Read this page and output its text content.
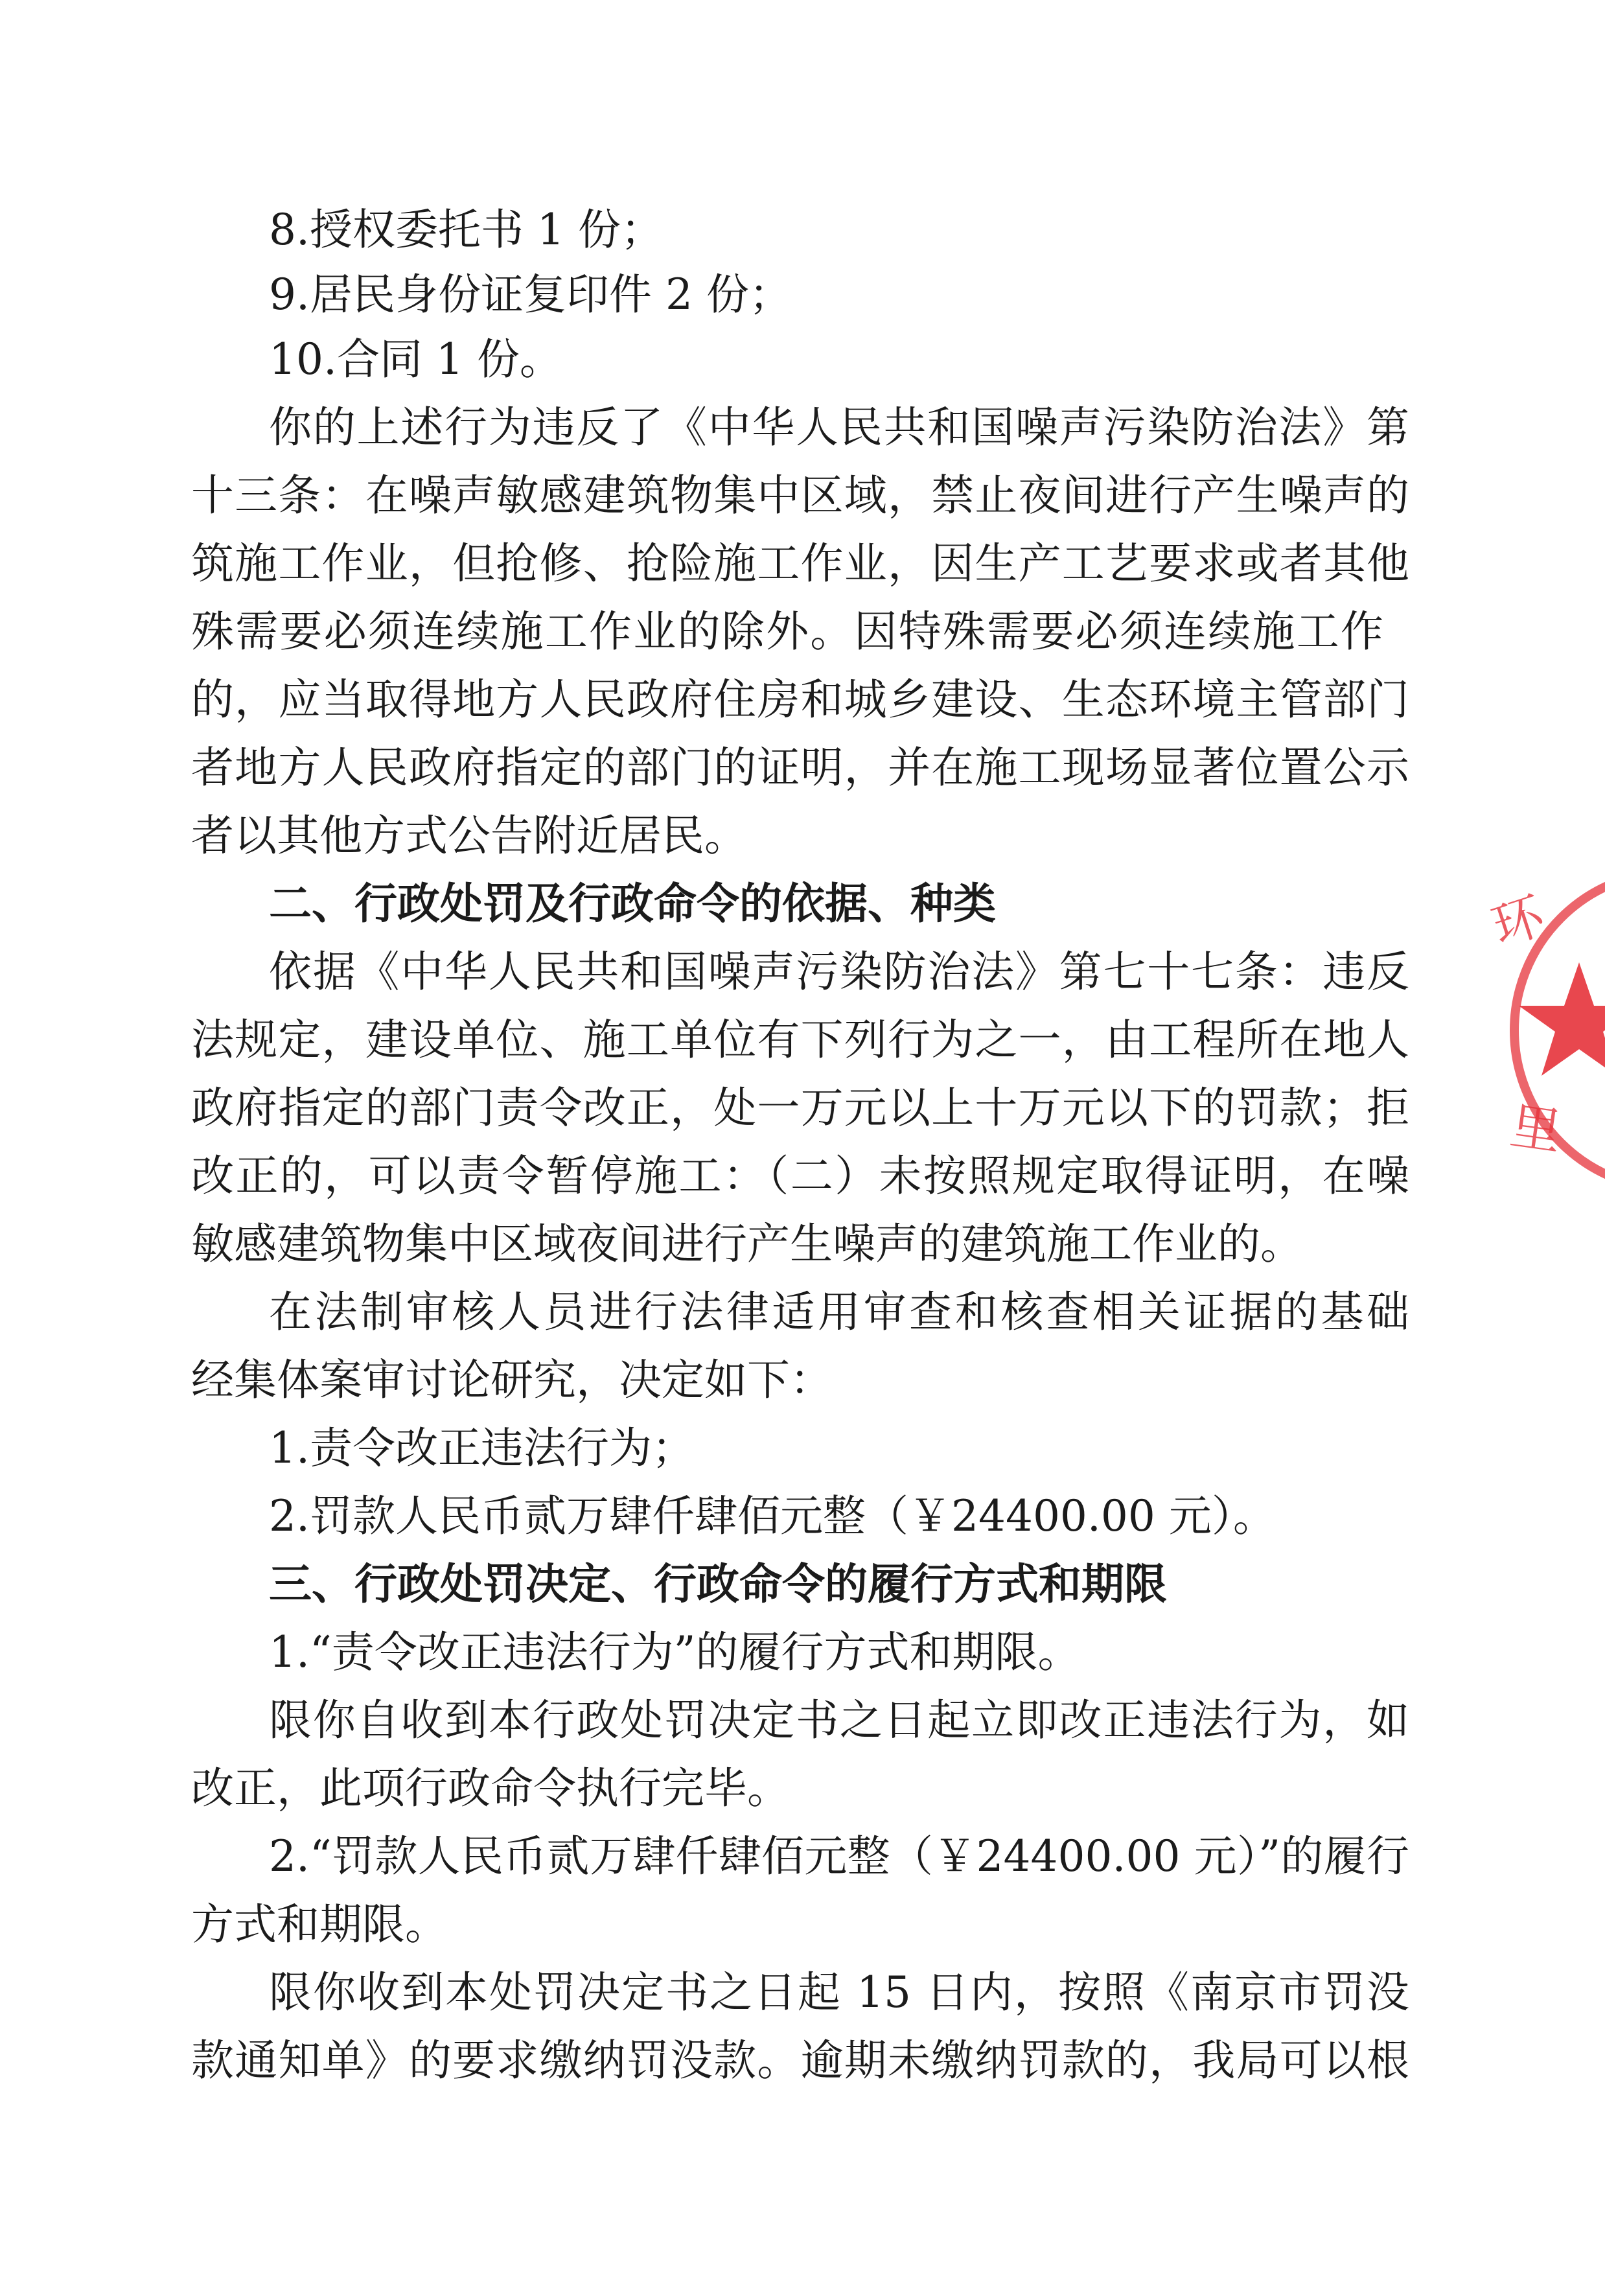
8.授权委托书 1 份；
9.居民身份证复印件 2 份；
10.合同 1 份。
你的上述行为违反了《中华人民共和国噪声污染防治法》第
十三条：在噪声敏感建筑物集中区域，禁止夜间进行产生噪声的
筑施工作业，但抢修、抢险施工作业，因生产工艺要求或者其他
殊需要必须连续施工作业的除外。因特殊需要必须连续施工作
的，应当取得地方人民政府住房和城乡建设、生态环境主管部门
者地方人民政府指定的部门的证明，并在施工现场显著位置公示
者以其他方式公告附近居民。
二、行政处罚及行政命令的依据、种类
依据《中华人民共和国噪声污染防治法》第七十七条：违反
法规定，建设单位、施工单位有下列行为之一，由工程所在地人
政府指定的部门责令改正，处一万元以上十万元以下的罚款；拒
改正的，可以责令暂停施工：（二）未按照规定取得证明，在噪
敏感建筑物集中区域夜间进行产生噪声的建筑施工作业的。
在法制审核人员进行法律适用审查和核查相关证据的基础
经集体案审讨论研究，决定如下：
1.责令改正违法行为；
2.罚款人民币贰万肆仟肆佰元整（￥24400.00 元）。
三、行政处罚决定、行政命令的履行方式和期限
1.“责令改正违法行为”的履行方式和期限。
限你自收到本行政处罚决定书之日起立即改正违法行为，如
改正，此项行政命令执行完毕。
2.“罚款人民币贰万肆仟肆佰元整（￥24400.00 元）”的履行
方式和期限。
限你收到本处罚决定书之日起 15 日内，按照《南京市罚没
款通知单》的要求缴纳罚没款。逾期未缴纳罚款的，我局可以根
环
里
